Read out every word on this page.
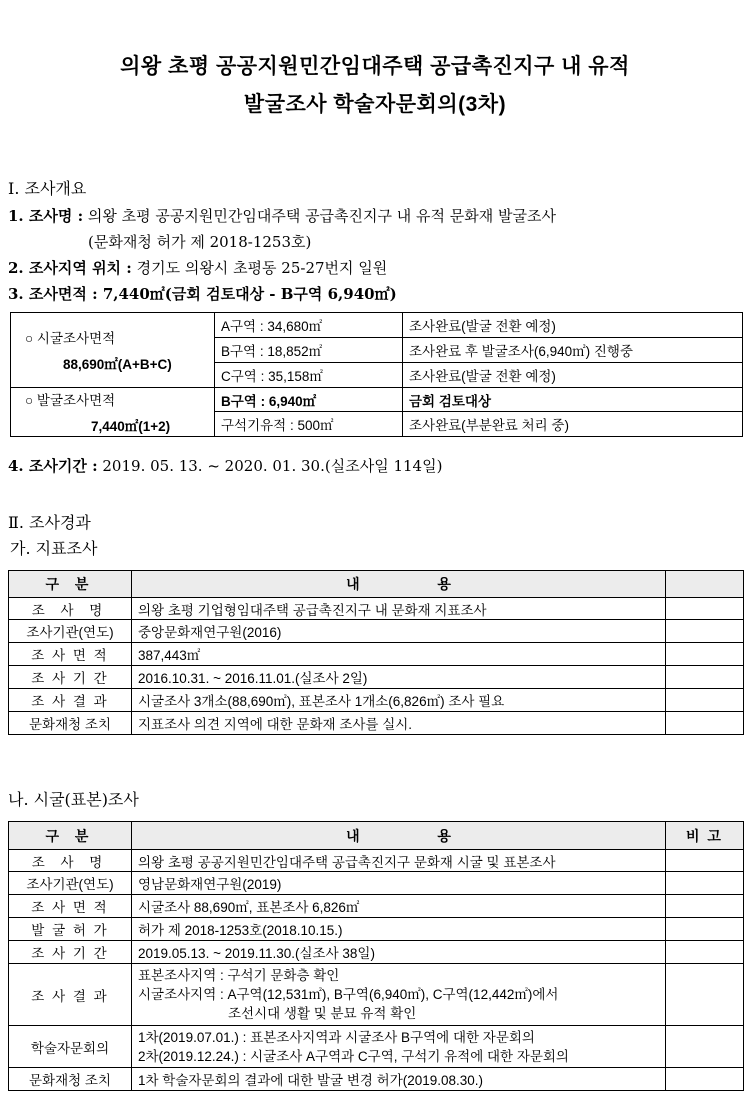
의왕 초평 공공지원민간임대주택 공급촉진지구 내 유적
발굴조사 학술자문회의(3차)
Ⅰ. 조사개요
1. 조사명 : 의왕 초평 공공지원민간임대주택 공급촉진지구 내 유적 문화재 발굴조사
(문화재청 허가 제 2018-1253호)
2. 조사지역 위치 : 경기도 의왕시 초평동 25-27번지 일원
3. 조사면적 : 7,440㎡(금회 검토대상 - B구역 6,940㎡)
○ 시굴조사면적
88,690㎡(A+B+C)	A구역 : 34,680㎡	조사완료(발굴 전환 예정)
	B구역 : 18,852㎡	조사완료 후 발굴조사(6,940㎡) 진행중
	C구역 : 35,158㎡	조사완료(발굴 전환 예정)

○ 발굴조사면적
7,440㎡(1+2)	B구역 : 6,940㎡	금회 검토대상
	구석기유적 : 500㎡	조사완료(부분완료 처리 중)
4. 조사기간 : 2019. 05. 13. ~ 2020. 01. 30.(실조사일 114일)
Ⅱ. 조사경과
가. 지표조사
구 분	내                    용	
조 사 명	의왕 초평 기업형임대주택 공급촉진지구 내 문화재 지표조사	
조사기관(연도)	중앙문화재연구원(2016)	
조 사 면 적	387,443㎡	
조 사 기 간	2016.10.31. ~ 2016.11.01.(실조사 2일)	
조 사 결 과	시굴조사 3개소(88,690㎡), 표본조사 1개소(6,826㎡) 조사 필요	
문화재청 조치	지표조사 의견 지역에 대한 문화재 조사를 실시.	
나. 시굴(표본)조사
구 분	내                    용	비 고
조 사 명	의왕 초평 공공지원민간임대주택 공급촉진지구 문화재 시굴 및 표본조사	
조사기관(연도)	영남문화재연구원(2019)	
조 사 면 적	시굴조사 88,690㎡, 표본조사 6,826㎡	
발 굴 허 가	허가 제 2018-1253호(2018.10.15.)	
조 사 기 간	2019.05.13. ~ 2019.11.30.(실조사 38일)	
조 사 결 과	표본조사지역 : 구석기 문화층 확인
시굴조사지역 : A구역(12,531㎡), B구역(6,940㎡), C구역(12,442㎡)에서
조선시대 생활 및 분묘 유적 확인	

학술자문회의	1차(2019.07.01.) : 표본조사지역과 시굴조사 B구역에 대한 자문회의
2차(2019.12.24.) : 시굴조사 A구역과 C구역, 구석기 유적에 대한 자문회의	

문화재청 조치	1차 학술자문회의 결과에 대한 발굴 변경 허가(2019.08.30.)	
